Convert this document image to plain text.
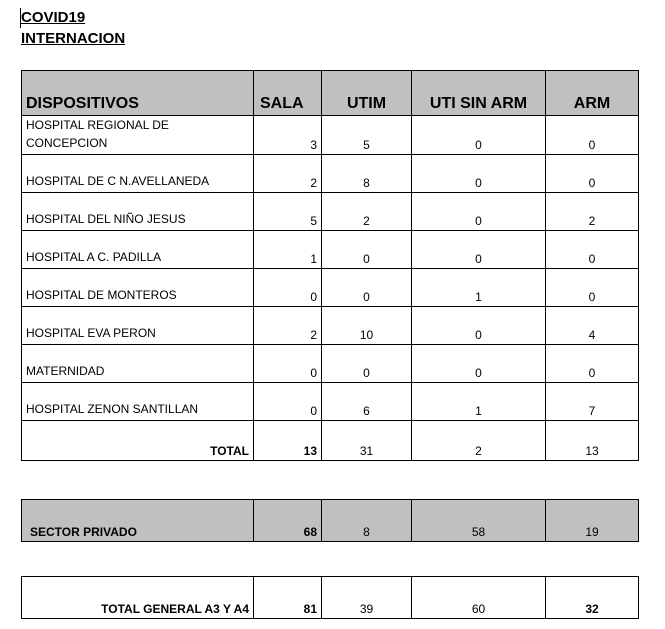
COVID19
INTERNACION
DISPOSITIVOS	SALA	UTIM	UTI SIN ARM	ARM
HOSPITAL REGIONAL DE CONCEPCION	3	5	0	0
HOSPITAL DE C N.AVELLANEDA	2	8	0	0
HOSPITAL DEL NIÑO JESUS	5	2	0	2
HOSPITAL A C. PADILLA	1	0	0	0
HOSPITAL DE MONTEROS	0	0	1	0
HOSPITAL EVA PERON	2	10	0	4
MATERNIDAD	0	0	0	0
HOSPITAL ZENON SANTILLAN	0	6	1	7
TOTAL	13	31	2	13
SECTOR PRIVADO	68	8	58	19
TOTAL GENERAL A3 Y A4	81	39	60	32
